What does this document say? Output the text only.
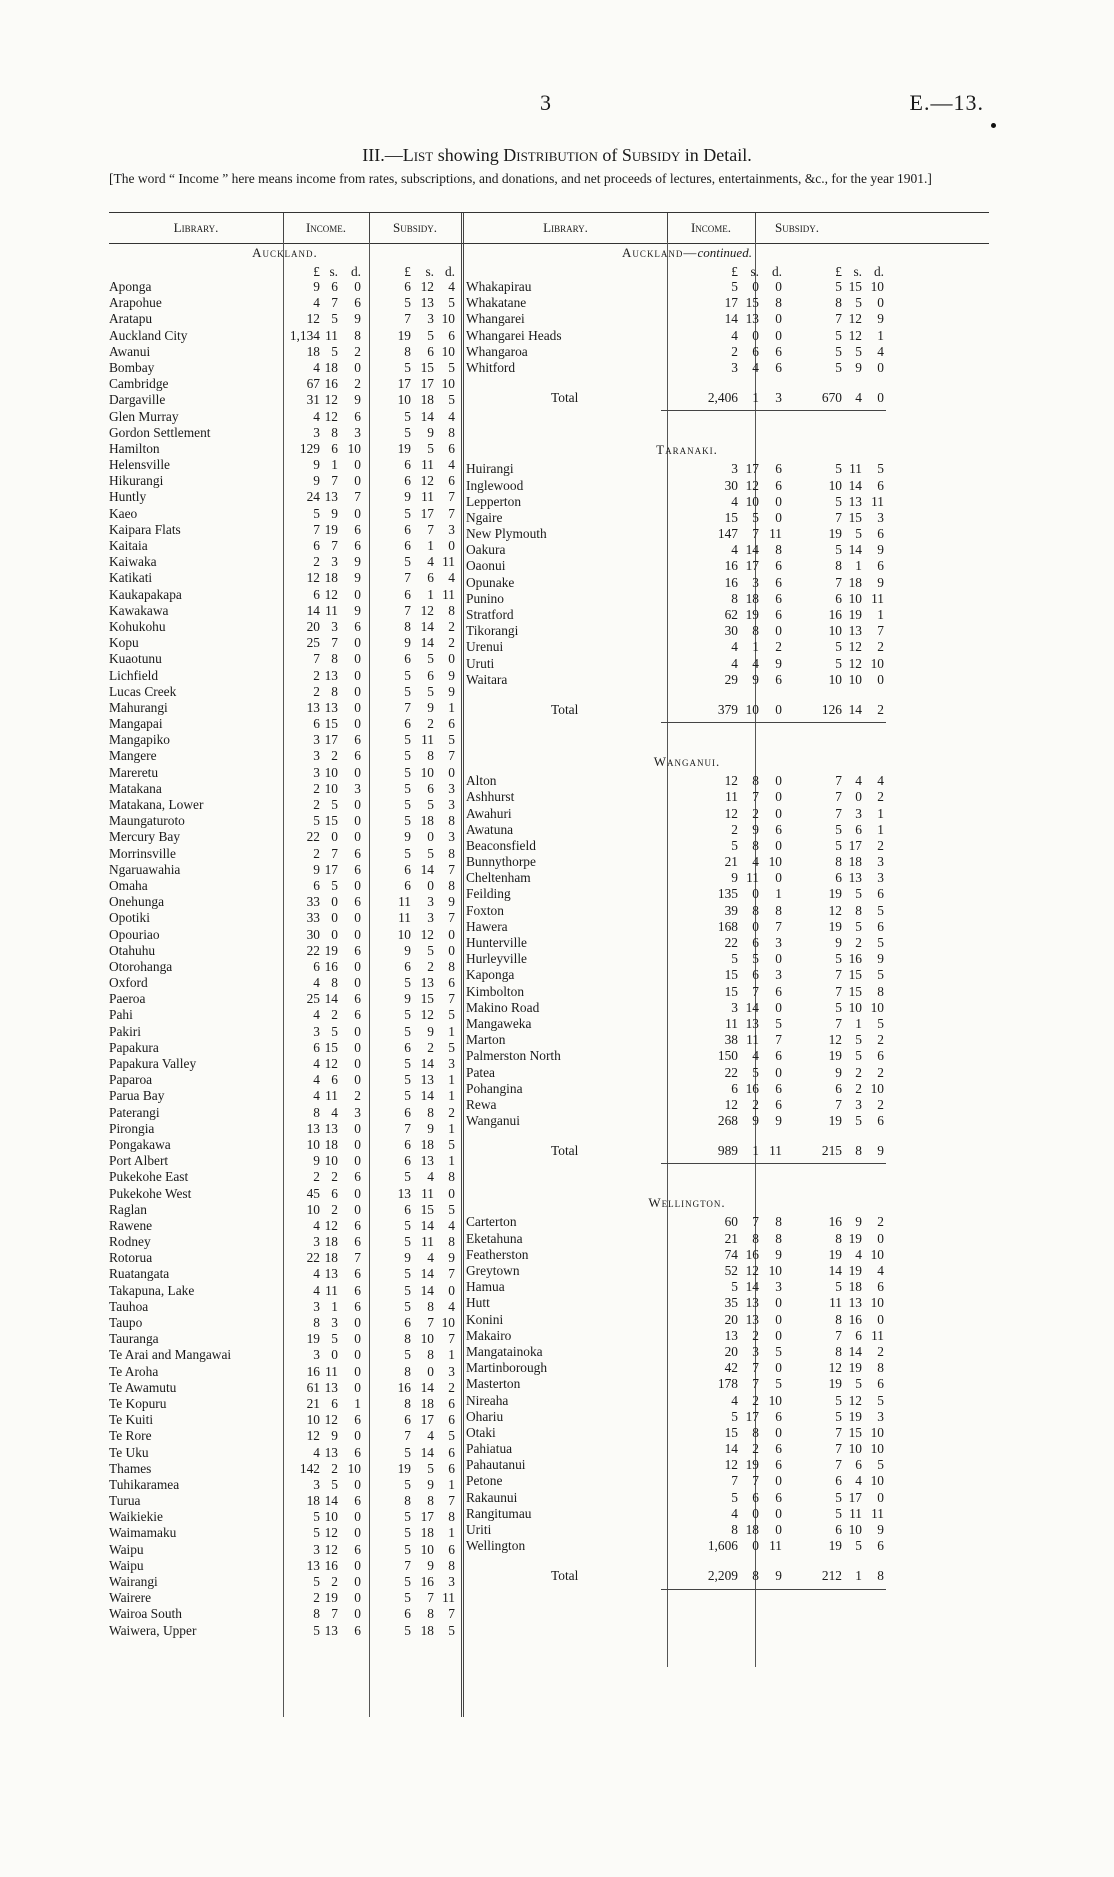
3	E.—13.
III.—List showing Distribution of Subsidy in Detail.
[The word “ Income ” here means income from rates, subscriptions, and donations, and net proceeds of lectures, entertainments, &c., for the year 1901.]
Library.	Income.	Subsidy.	Library.	Income.	Subsidy.
Auckland.
£ s. d.	£ s. d.
Aponga	9 6 0	6 12 4
Arapohue	4 7 6	5 13 5
Aratapu	12 5 9	7 3 10
Auckland City	1,134 11 8	19 5 6
Awanui	18 5 2	8 6 10
Bombay	4 18 0	5 15 5
Cambridge	67 16 2	17 17 10
Dargaville	31 12 9	10 18 5
Glen Murray	4 12 6	5 14 4
Gordon Settlement	3 8 3	5 9 8
Hamilton	129 6 10	19 5 6
Helensville	9 1 0	6 11 4
Hikurangi	9 7 0	6 12 6
Huntly	24 13 7	9 11 7
Kaeo	5 9 0	5 17 7
Kaipara Flats	7 19 6	6 7 3
Kaitaia	6 7 6	6 1 0
Kaiwaka	2 3 9	5 4 11
Katikati	12 18 9	7 6 4
Kaukapakapa	6 12 0	6 1 11
Kawakawa	14 11 9	7 12 8
Kohukohu	20 3 6	8 14 2
Kopu	25 7 0	9 14 2
Kuaotunu	7 8 0	6 5 0
Lichfield	2 13 0	5 6 9
Lucas Creek	2 8 0	5 5 9
Mahurangi	13 13 0	7 9 1
Mangapai	6 15 0	6 2 6
Mangapiko	3 17 6	5 11 5
Mangere	3 2 6	5 8 7
Mareretu	3 10 0	5 10 0
Matakana	2 10 3	5 6 3
Matakana, Lower	2 5 0	5 5 3
Maungaturoto	5 15 0	5 18 8
Mercury Bay	22 0 0	9 0 3
Morrinsville	2 7 6	5 5 8
Ngaruawahia	9 17 6	6 14 7
Omaha	6 5 0	6 0 8
Onehunga	33 0 6	11 3 9
Opotiki	33 0 0	11 3 7
Opouriao	30 0 0	10 12 0
Otahuhu	22 19 6	9 5 0
Otorohanga	6 16 0	6 2 8
Oxford	4 8 0	5 13 6
Paeroa	25 14 6	9 15 7
Pahi	4 2 6	5 12 5
Pakiri	3 5 0	5 9 1
Papakura	6 15 0	6 2 5
Papakura Valley	4 12 0	5 14 3
Paparoa	4 6 0	5 13 1
Parua Bay	4 11 2	5 14 1
Paterangi	8 4 3	6 8 2
Pirongia	13 13 0	7 9 1
Pongakawa	10 18 0	6 18 5
Port Albert	9 10 0	6 13 1
Pukekohe East	2 2 6	5 4 8
Pukekohe West	45 6 0	13 11 0
Raglan	10 2 0	6 15 5
Rawene	4 12 6	5 14 4
Rodney	3 18 6	5 11 8
Rotorua	22 18 7	9 4 9
Ruatangata	4 13 6	5 14 7
Takapuna, Lake	4 11 6	5 14 0
Tauhoa	3 1 6	5 8 4
Taupo	8 3 0	6 7 10
Tauranga	19 5 0	8 10 7
Te Arai and Mangawai	3 0 0	5 8 1
Te Aroha	16 11 0	8 0 3
Te Awamutu	61 13 0	16 14 2
Te Kopuru	21 6 1	8 18 6
Te Kuiti	10 12 6	6 17 6
Te Rore	12 9 0	7 4 5
Te Uku	4 13 6	5 14 6
Thames	142 2 10	19 5 6
Tuhikaramea	3 5 0	5 9 1
Turua	18 14 6	8 8 7
Waikiekie	5 10 0	5 17 8
Waimamaku	5 12 0	5 18 1
Waipu	3 12 6	5 10 6
Waipu	13 16 0	7 9 8
Wairangi	5 2 0	5 16 3
Wairere	2 19 0	5 7 11
Wairoa South	8 7 0	6 8 7
Waiwera, Upper	5 13 6	5 18 5
Auckland—continued.
£ s. d.	£ s. d.
Whakapirau	5 0 0	5 15 10
Whakatane	17 15 8	8 5 0
Whangarei	14 13 0	7 12 9
Whangarei Heads	4 0 0	5 12 1
Whangaroa	2 6 6	5 5 4
Whitford	3 4 6	5 9 0
Total	2,406 1 3	670 4 0
Taranaki.
Huirangi	3 17 6	5 11 5
Inglewood	30 12 6	10 14 6
Lepperton	4 10 0	5 13 11
Ngaire	15 5 0	7 15 3
New Plymouth	147 7 11	19 5 6
Oakura	4 14 8	5 14 9
Oaonui	16 17 6	8 1 6
Opunake	16 3 6	7 18 9
Punino	8 18 6	6 10 11
Stratford	62 19 6	16 19 1
Tikorangi	30 8 0	10 13 7
Urenui	4 1 2	5 12 2
Uruti	4 4 9	5 12 10
Waitara	29 9 6	10 10 0
Total	379 10 0	126 14 2
Wanganui.
Alton	12 8 0	7 4 4
Ashhurst	11 7 0	7 0 2
Awahuri	12 2 0	7 3 1
Awatuna	2 9 6	5 6 1
Beaconsfield	5 8 0	5 17 2
Bunnythorpe	21 4 10	8 18 3
Cheltenham	9 11 0	6 13 3
Feilding	135 0 1	19 5 6
Foxton	39 8 8	12 8 5
Hawera	168 0 7	19 5 6
Hunterville	22 6 3	9 2 5
Hurleyville	5 5 0	5 16 9
Kaponga	15 6 3	7 15 5
Kimbolton	15 7 6	7 15 8
Makino Road	3 14 0	5 10 10
Mangaweka	11 13 5	7 1 5
Marton	38 11 7	12 5 2
Palmerston North	150 4 6	19 5 6
Patea	22 5 0	9 2 2
Pohangina	6 16 6	6 2 10
Rewa	12 2 6	7 3 2
Wanganui	268 9 9	19 5 6
Total	989 1 11	215 8 9
Wellington.
Carterton	60 7 8	16 9 2
Eketahuna	21 8 8	8 19 0
Featherston	74 16 9	19 4 10
Greytown	52 12 10	14 19 4
Hamua	5 14 3	5 18 6
Hutt	35 13 0	11 13 10
Konini	20 13 0	8 16 0
Makairo	13 2 0	7 6 11
Mangatainoka	20 3 5	8 14 2
Martinborough	42 7 0	12 19 8
Masterton	178 7 5	19 5 6
Nireaha	4 2 10	5 12 5
Ohariu	5 17 6	5 19 3
Otaki	15 8 0	7 15 10
Pahiatua	14 2 6	7 10 10
Pahautanui	12 19 6	7 6 5
Petone	7 7 0	6 4 10
Rakaunui	5 6 6	5 17 0
Rangitumau	4 0 0	5 11 11
Uriti	8 18 0	6 10 9
Wellington	1,606 0 11	19 5 6
Total	2,209 8 9	212 1 8
